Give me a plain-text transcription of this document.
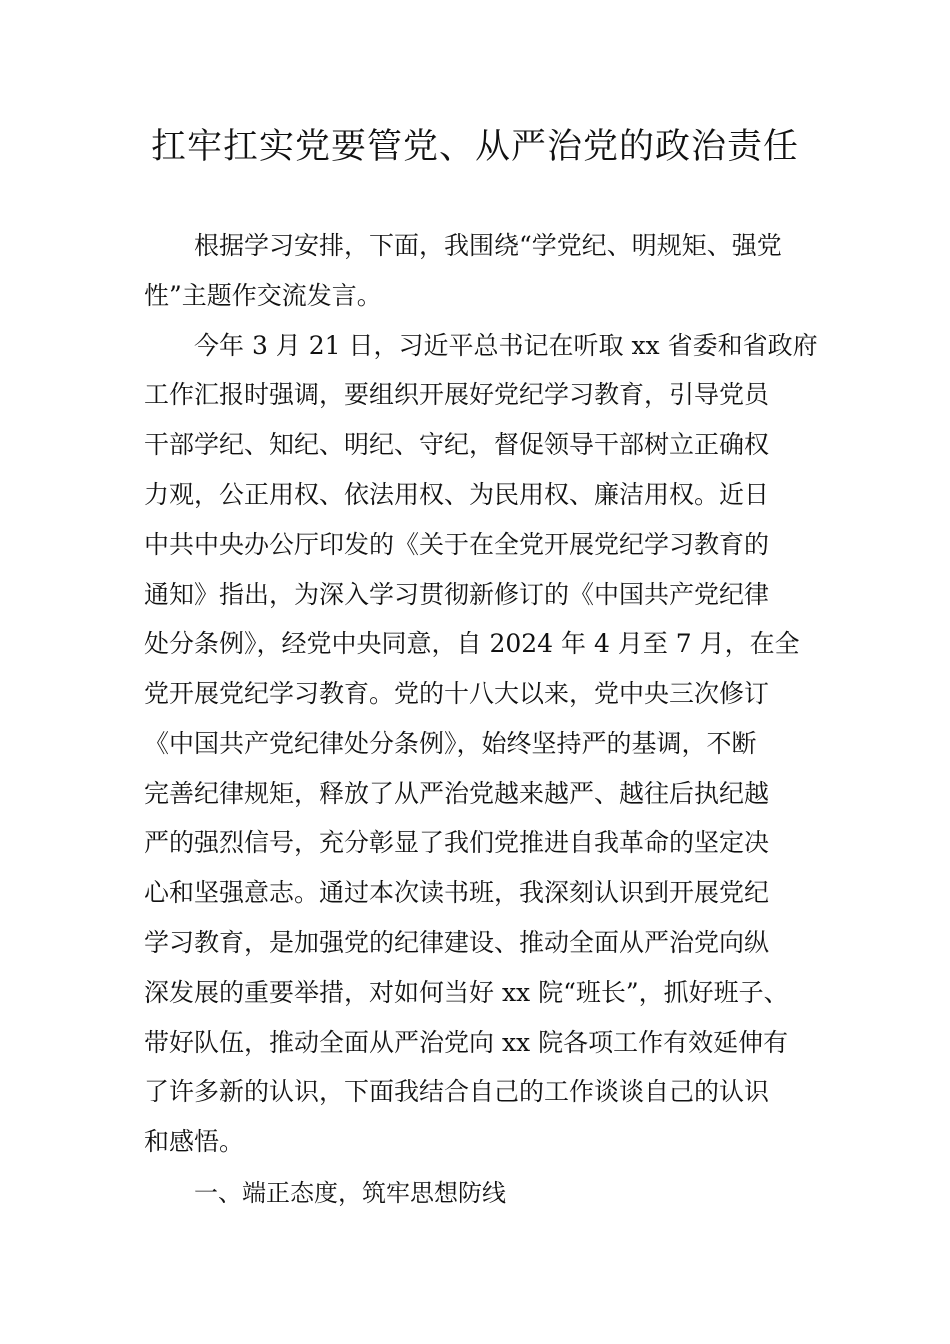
扛牢扛实党要管党、从严治党的政治责任
根据学习安排，下面，我围绕“学党纪、明规矩、强党
性”主题作交流发言。
今年 3 月 21 日，习近平总书记在听取 xx 省委和省政府
工作汇报时强调，要组织开展好党纪学习教育，引导党员
干部学纪、知纪、明纪、守纪，督促领导干部树立正确权
力观，公正用权、依法用权、为民用权、廉洁用权。近日
中共中央办公厅印发的《关于在全党开展党纪学习教育的
通知》指出，为深入学习贯彻新修订的《中国共产党纪律
处分条例》，经党中央同意，自 2024 年 4 月至 7 月，在全
党开展党纪学习教育。党的十八大以来，党中央三次修订
《中国共产党纪律处分条例》，始终坚持严的基调，不断
完善纪律规矩，释放了从严治党越来越严、越往后执纪越
严的强烈信号，充分彰显了我们党推进自我革命的坚定决
心和坚强意志。通过本次读书班，我深刻认识到开展党纪
学习教育，是加强党的纪律建设、推动全面从严治党向纵
深发展的重要举措，对如何当好 xx 院“班长”，抓好班子、
带好队伍，推动全面从严治党向 xx 院各项工作有效延伸有
了许多新的认识，下面我结合自己的工作谈谈自己的认识
和感悟。
一、端正态度，筑牢思想防线
